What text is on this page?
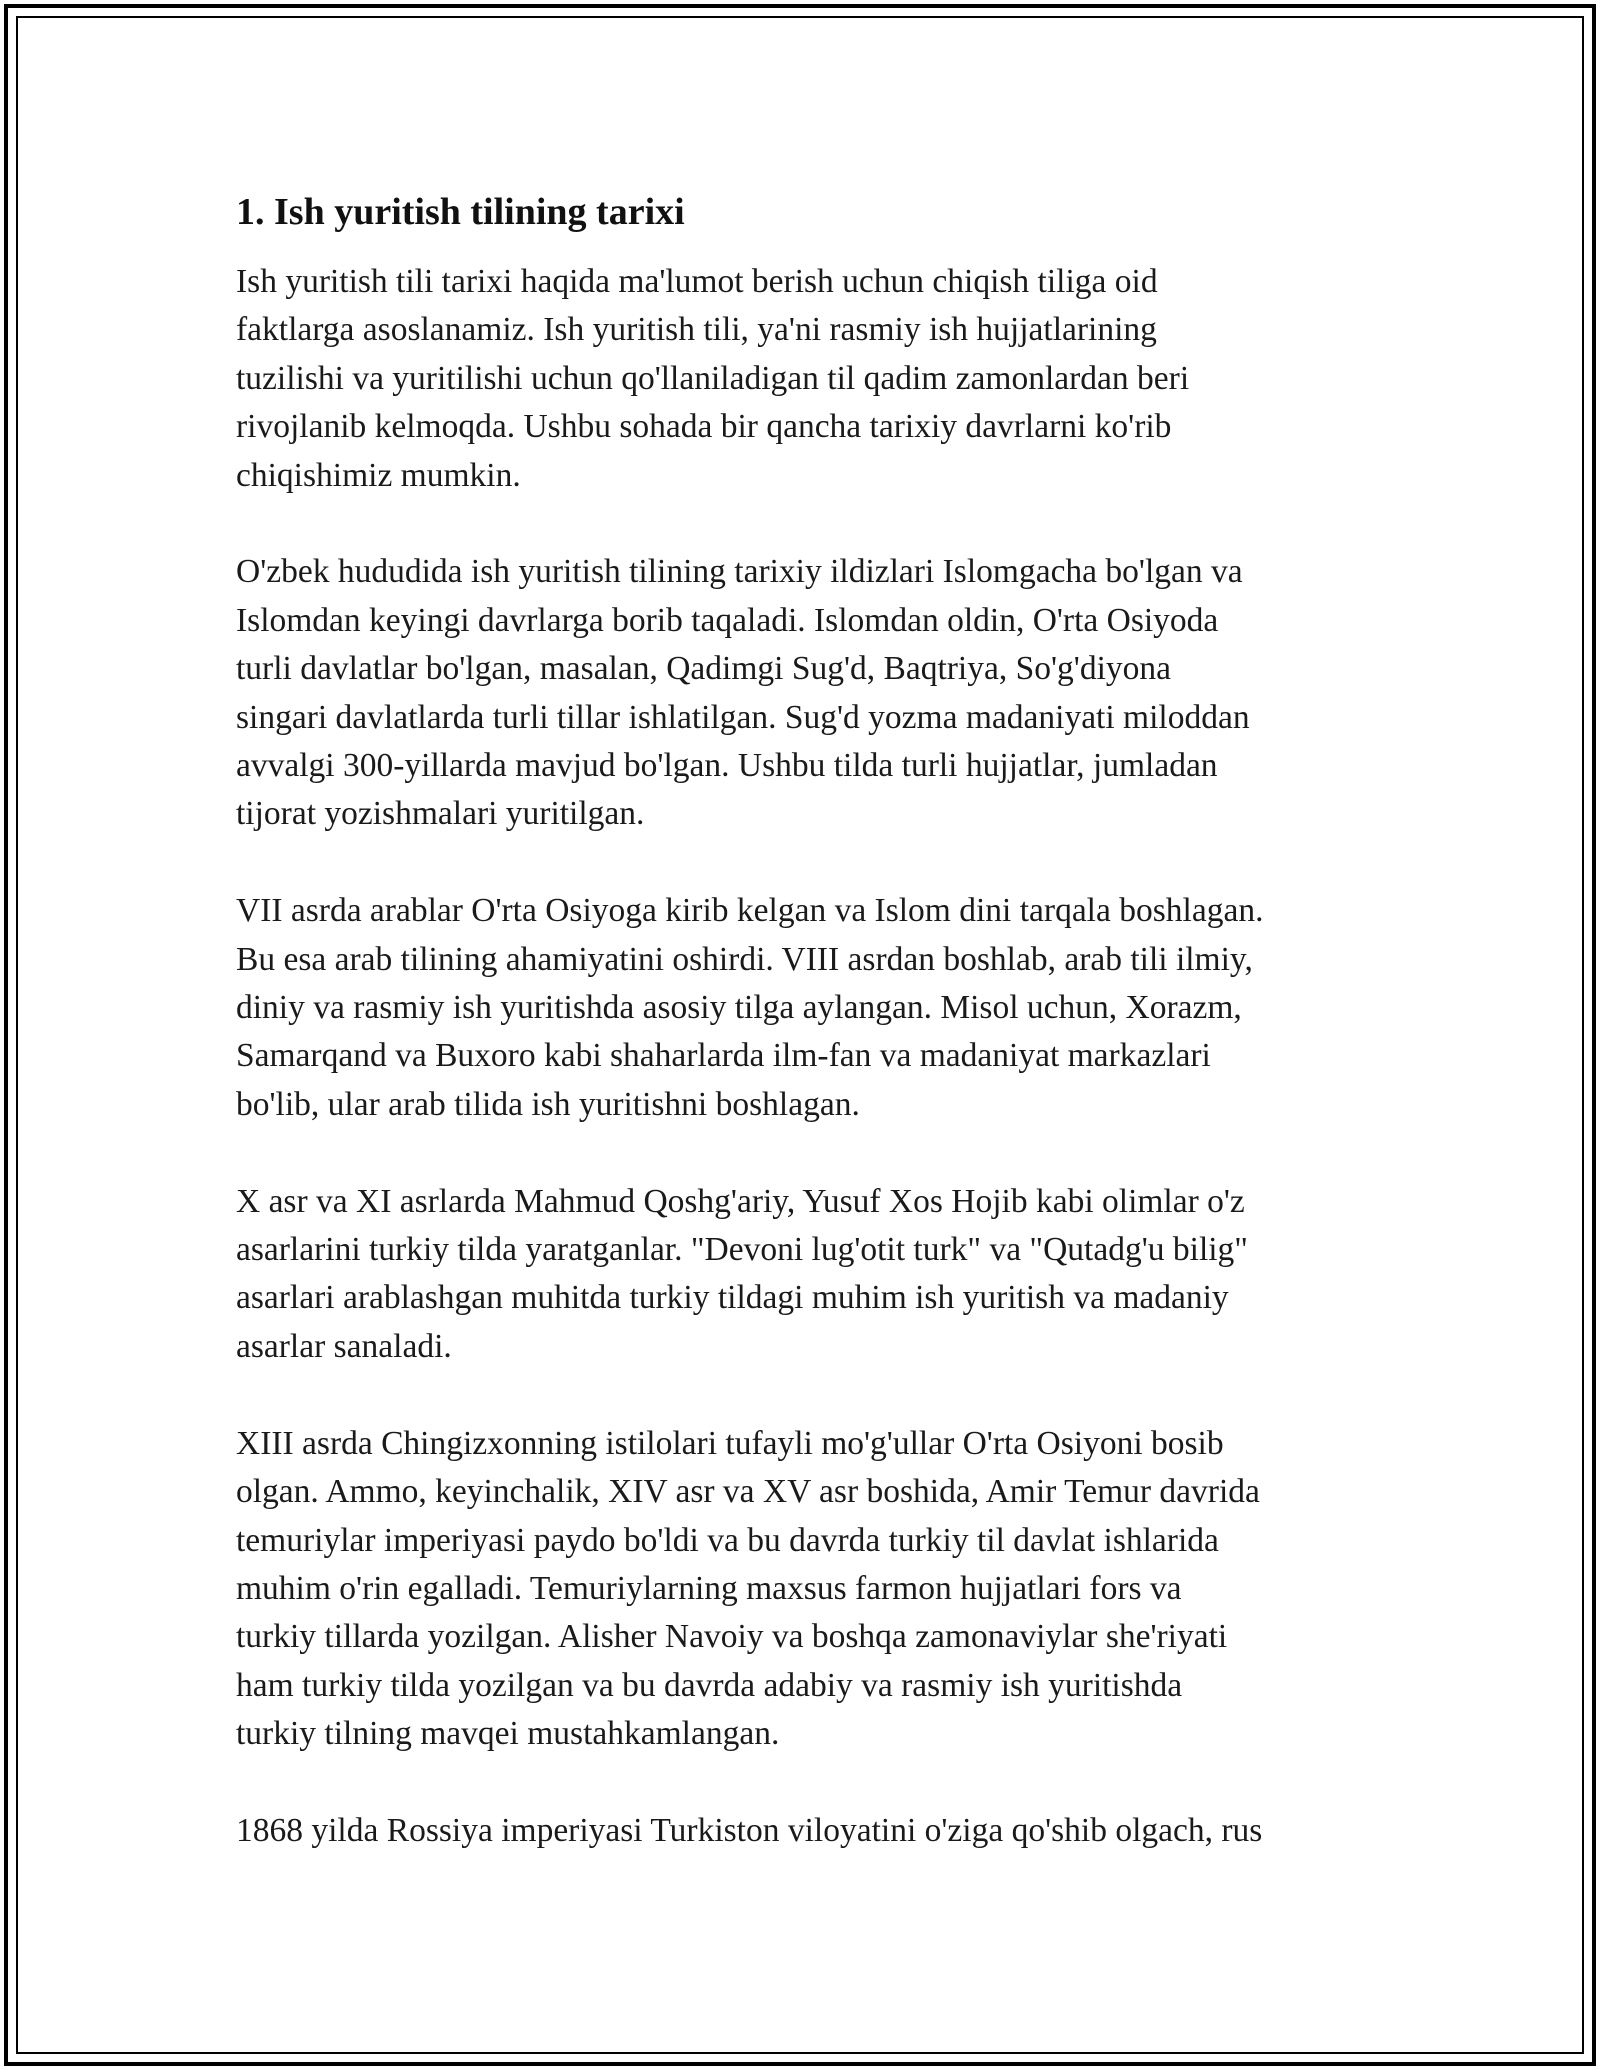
1. Ish yuritish tilining tarixi

Ish yuritish tili tarixi haqida ma'lumot berish uchun chiqish tiliga oid
faktlarga asoslanamiz. Ish yuritish tili, ya'ni rasmiy ish hujjatlarining
tuzilishi va yuritilishi uchun qo'llaniladigan til qadim zamonlardan beri
rivojlanib kelmoqda. Ushbu sohada bir qancha tarixiy davrlarni ko'rib
chiqishimiz mumkin.

O'zbek hududida ish yuritish tilining tarixiy ildizlari Islomgacha bo'lgan va
Islomdan keyingi davrlarga borib taqaladi. Islomdan oldin, O'rta Osiyoda
turli davlatlar bo'lgan, masalan, Qadimgi Sug'd, Baqtriya, So'g'diyona
singari davlatlarda turli tillar ishlatilgan. Sug'd yozma madaniyati miloddan
avvalgi 300-yillarda mavjud bo'lgan. Ushbu tilda turli hujjatlar, jumladan
tijorat yozishmalari yuritilgan.

VII asrda arablar O'rta Osiyoga kirib kelgan va Islom dini tarqala boshlagan.
Bu esa arab tilining ahamiyatini oshirdi. VIII asrdan boshlab, arab tili ilmiy,
diniy va rasmiy ish yuritishda asosiy tilga aylangan. Misol uchun, Xorazm,
Samarqand va Buxoro kabi shaharlarda ilm-fan va madaniyat markazlari
bo'lib, ular arab tilida ish yuritishni boshlagan.

X asr va XI asrlarda Mahmud Qoshg'ariy, Yusuf Xos Hojib kabi olimlar o'z
asarlarini turkiy tilda yaratganlar. "Devoni lug'otit turk" va "Qutadg'u bilig"
asarlari arablashgan muhitda turkiy tildagi muhim ish yuritish va madaniy
asarlar sanaladi.

XIII asrda Chingizxonning istilolari tufayli mo'g'ullar O'rta Osiyoni bosib
olgan. Ammo, keyinchalik, XIV asr va XV asr boshida, Amir Temur davrida
temuriylar imperiyasi paydo bo'ldi va bu davrda turkiy til davlat ishlarida
muhim o'rin egalladi. Temuriylarning maxsus farmon hujjatlari fors va
turkiy tillarda yozilgan. Alisher Navoiy va boshqa zamonaviylar she'riyati
ham turkiy tilda yozilgan va bu davrda adabiy va rasmiy ish yuritishda
turkiy tilning mavqei mustahkamlangan.

1868 yilda Rossiya imperiyasi Turkiston viloyatini o'ziga qo'shib olgach, rus
